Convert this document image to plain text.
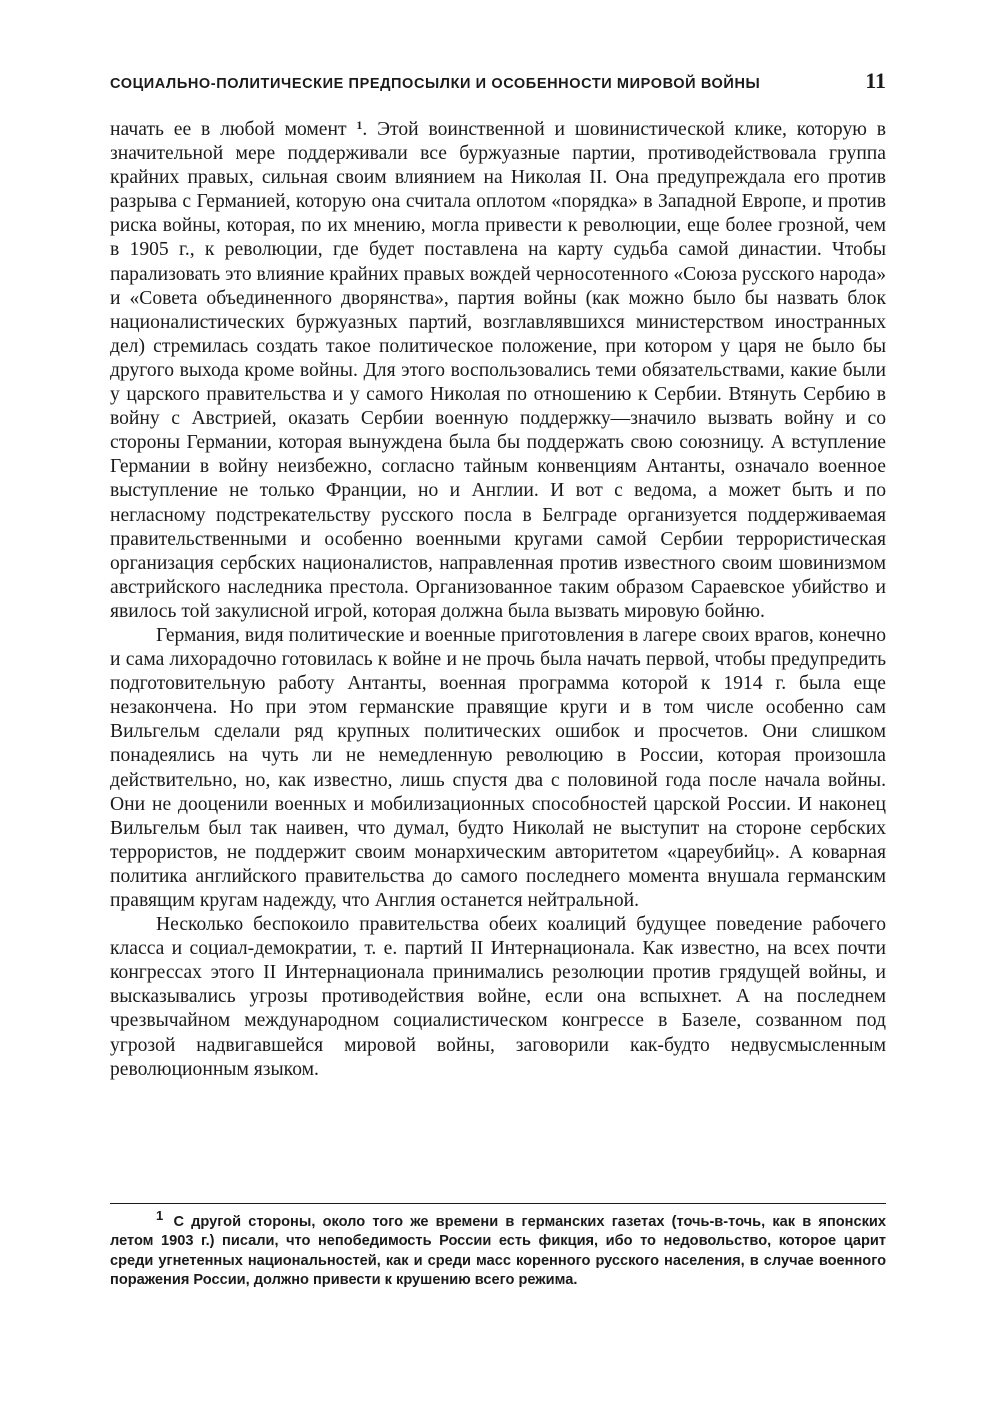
СОЦИАЛЬНО-ПОЛИТИЧЕСКИЕ ПРЕДПОСЫЛКИ И ОСОБЕННОСТИ МИРОВОЙ ВОЙНЫ	11

начать ее в любой момент $^1$. Этой воинственной и шовинистической клике, которую в значительной мере поддерживали все буржуазные партии, противодействовала группа крайних правых, сильная своим влиянием на Николая II. Она предупреждала его против разрыва с Германией, которую она считала оплотом «порядка» в Западной Европе, и против риска войны, которая, по их мнению, могла привести к революции, еще более грозной, чем в 1905 г., к революции, где будет поставлена на карту судьба самой династии. Чтобы парализовать это влияние крайних правых вождей черносотенного «Союза русского народа» и «Совета объединенного дворянства», партия войны (как можно было бы назвать блок националистических буржуазных партий, возглавлявшихся министерством иностранных дел) стремилась создать такое политическое положение, при котором у царя не было бы другого выхода кроме войны. Для этого воспользовались теми обязательствами, какие были у царского правительства и у самого Николая по отношению к Сербии. Втянуть Сербию в войну с Австрией, оказать Сербии военную поддержку—значило вызвать войну и со стороны Германии, которая вынуждена была бы поддержать свою союзницу. А вступление Германии в войну неизбежно, согласно тайным конвенциям Антанты, означало военное выступление не только Франции, но и Англии. И вот с ведома, а может быть и по негласному подстрекательству русского посла в Белграде организуется поддерживаемая правительственными и особенно военными кругами самой Сербии террористическая организация сербских националистов, направленная против известного своим шовинизмом австрийского наследника престола. Организованное таким образом Сараевское убийство и явилось той закулисной игрой, которая должна была вызвать мировую бойню.

Германия, видя политические и военные приготовления в лагере своих врагов, конечно и сама лихорадочно готовилась к войне и не прочь была начать первой, чтобы предупредить подготовительную работу Антанты, военная программа которой к 1914 г. была еще незакончена. Но при этом германские правящие круги и в том числе особенно сам Вильгельм сделали ряд крупных политических ошибок и просчетов. Они слишком понадеялись на чуть ли не немедленную революцию в России, которая произошла действительно, но, как известно, лишь спустя два с половиной года после начала войны. Они не дооценили военных и мобилизационных способностей царской России. И наконец Вильгельм был так наивен, что думал, будто Николай не выступит на стороне сербских террористов, не поддержит своим монархическим авторитетом «цареубийц». А коварная политика английского правительства до самого последнего момента внушала германским правящим кругам надежду, что Англия останется нейтральной.

Несколько беспокоило правительства обеих коалиций будущее поведение рабочего класса и социал-демократии, т. е. партий II Интернационала. Как известно, на всех почти конгрессах этого II Интернационала принимались резолюции против грядущей войны, и высказывались угрозы противодействия войне, если она вспыхнет. А на последнем чрезвычайном международном социалистическом конгрессе в Базеле, созванном под угрозой надвигавшейся мировой войны, заговорили как-будто недвусмысленным революционным языком.

$^1$ С другой стороны, около того же времени в германских газетах (точь-в-точь, как в японских летом 1903 г.) писали, что непобедимость России есть фикция, ибо то недовольство, которое царит среди угнетенных национальностей, как и среди масс коренного русского населения, в случае военного поражения России, должно привести к крушению всего режима.
